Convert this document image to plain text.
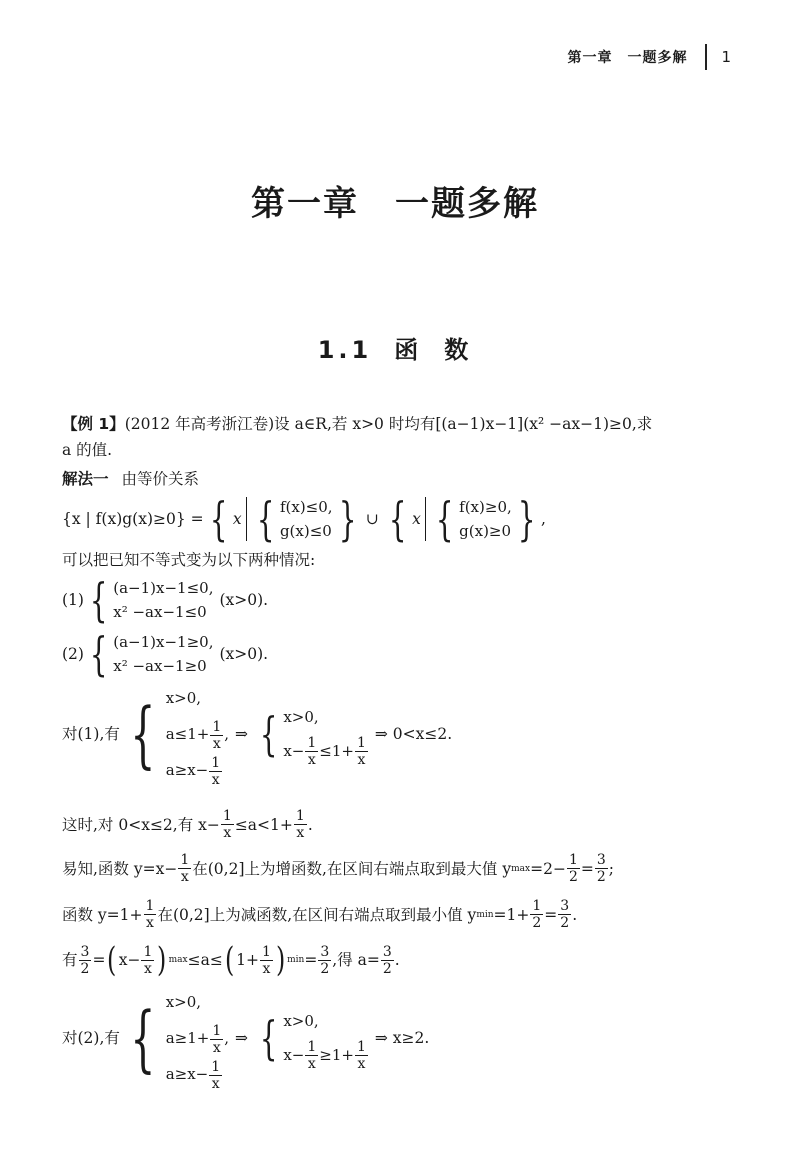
第一章　一题多解 1
第一章 一题多解
1.1 函 数
【例 1】(2012 年高考浙江卷)设 a∈R,若 x>0 时均有[(a−1)x−1](x² −ax−1)≥0,求
a 的值.
解法一 由等价关系
{x | f(x)g(x)≥0} = { x { f(x)≤0,
g(x)≤0 } ∪ { x { f(x)≥0,
g(x)≥0 } ,
可以把已知不等式变为以下两种情况:
(1) { (a−1)x−1≤0,
x² −ax−1≤0
(x>0).
(2) { (a−1)x−1≥0,
x² −ax−1≥0
(x>0).
对(1),有 { x>0,
$a\le 1+ \frac{1}{x}$ ,
$a\ge x- \frac{1}{x}$
⇒ { x>0,
$x- \frac{1}{x} \le 1+ \frac{1}{x}$
⇒ 0<x≤2.
这时,对 0<x≤2,有 $x- \frac{1}{x} \le a<1+ \frac{1}{x}$ .
易知,函数 $y=x- \frac{1}{x}$ 在(0,2]上为增函数,在区间右端点取到最大值 y $\max =2- \frac{1}{2} = \frac{3}{2}$ ;
函数 $y=1+ \frac{1}{x}$ 在(0,2]上为减函数,在区间右端点取到最小值 y $\min =1+ \frac{1}{2} = \frac{3}{2}$ .
有 $\frac{3}{2}$ = ( $x- \frac{1}{x}$ ) max ≤a≤ ( $1+ \frac{1}{x}$ ) $\min = \frac{3}{2}$ ,得 $a= \frac{3}{2}$ .
对(2),有 { x>0,
$a\ge 1+ \frac{1}{x}$ ,
$a\ge x- \frac{1}{x}$
⇒ { x>0,
$x- \frac{1}{x} \ge 1+ \frac{1}{x}$
⇒ x≥2.
